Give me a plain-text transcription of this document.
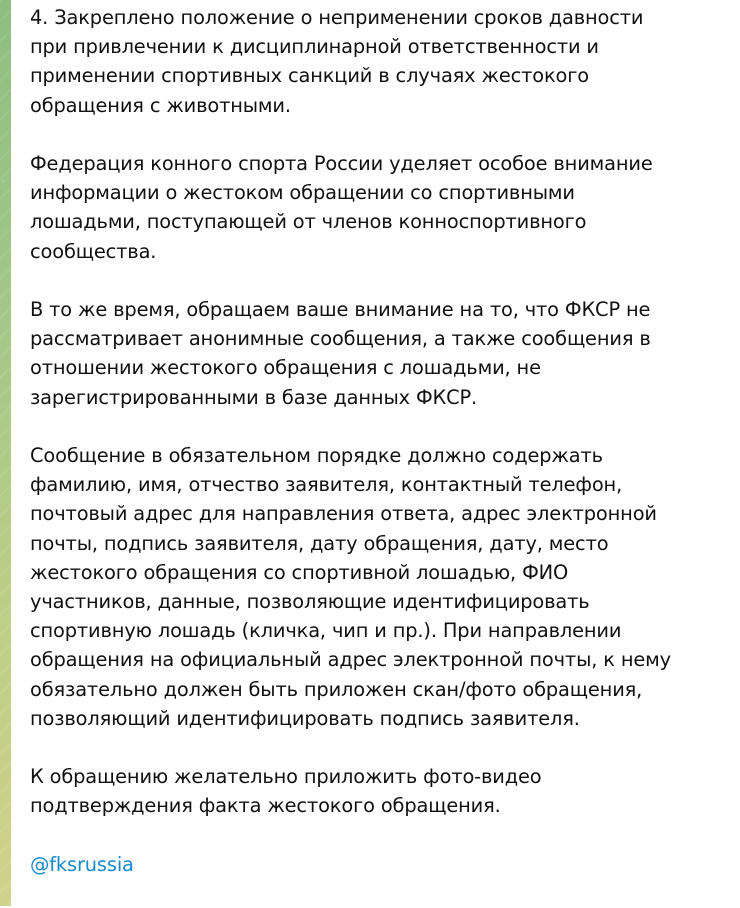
4. Закреплено положение о неприменении сроков давности
при привлечении к дисциплинарной ответственности и
применении спортивных санкций в случаях жестокого
обращения с животными.

Федерация конного спорта России уделяет особое внимание
информации о жестоком обращении со спортивными
лошадьми, поступающей от членов конноспортивного
сообщества.

В то же время, обращаем ваше внимание на то, что ФКСР не
рассматривает анонимные сообщения, а также сообщения в
отношении жестокого обращения с лошадьми, не
зарегистрированными в базе данных ФКСР.

Сообщение в обязательном порядке должно содержать
фамилию, имя, отчество заявителя, контактный телефон,
почтовый адрес для направления ответа, адрес электронной
почты, подпись заявителя, дату обращения, дату, место
жестокого обращения со спортивной лошадью, ФИО
участников, данные, позволяющие идентифицировать
спортивную лошадь (кличка, чип и пр.). При направлении
обращения на официальный адрес электронной почты, к нему
обязательно должен быть приложен скан/фото обращения,
позволяющий идентифицировать подпись заявителя.

К обращению желательно приложить фото-видео
подтверждения факта жестокого обращения.

@fksrussia
